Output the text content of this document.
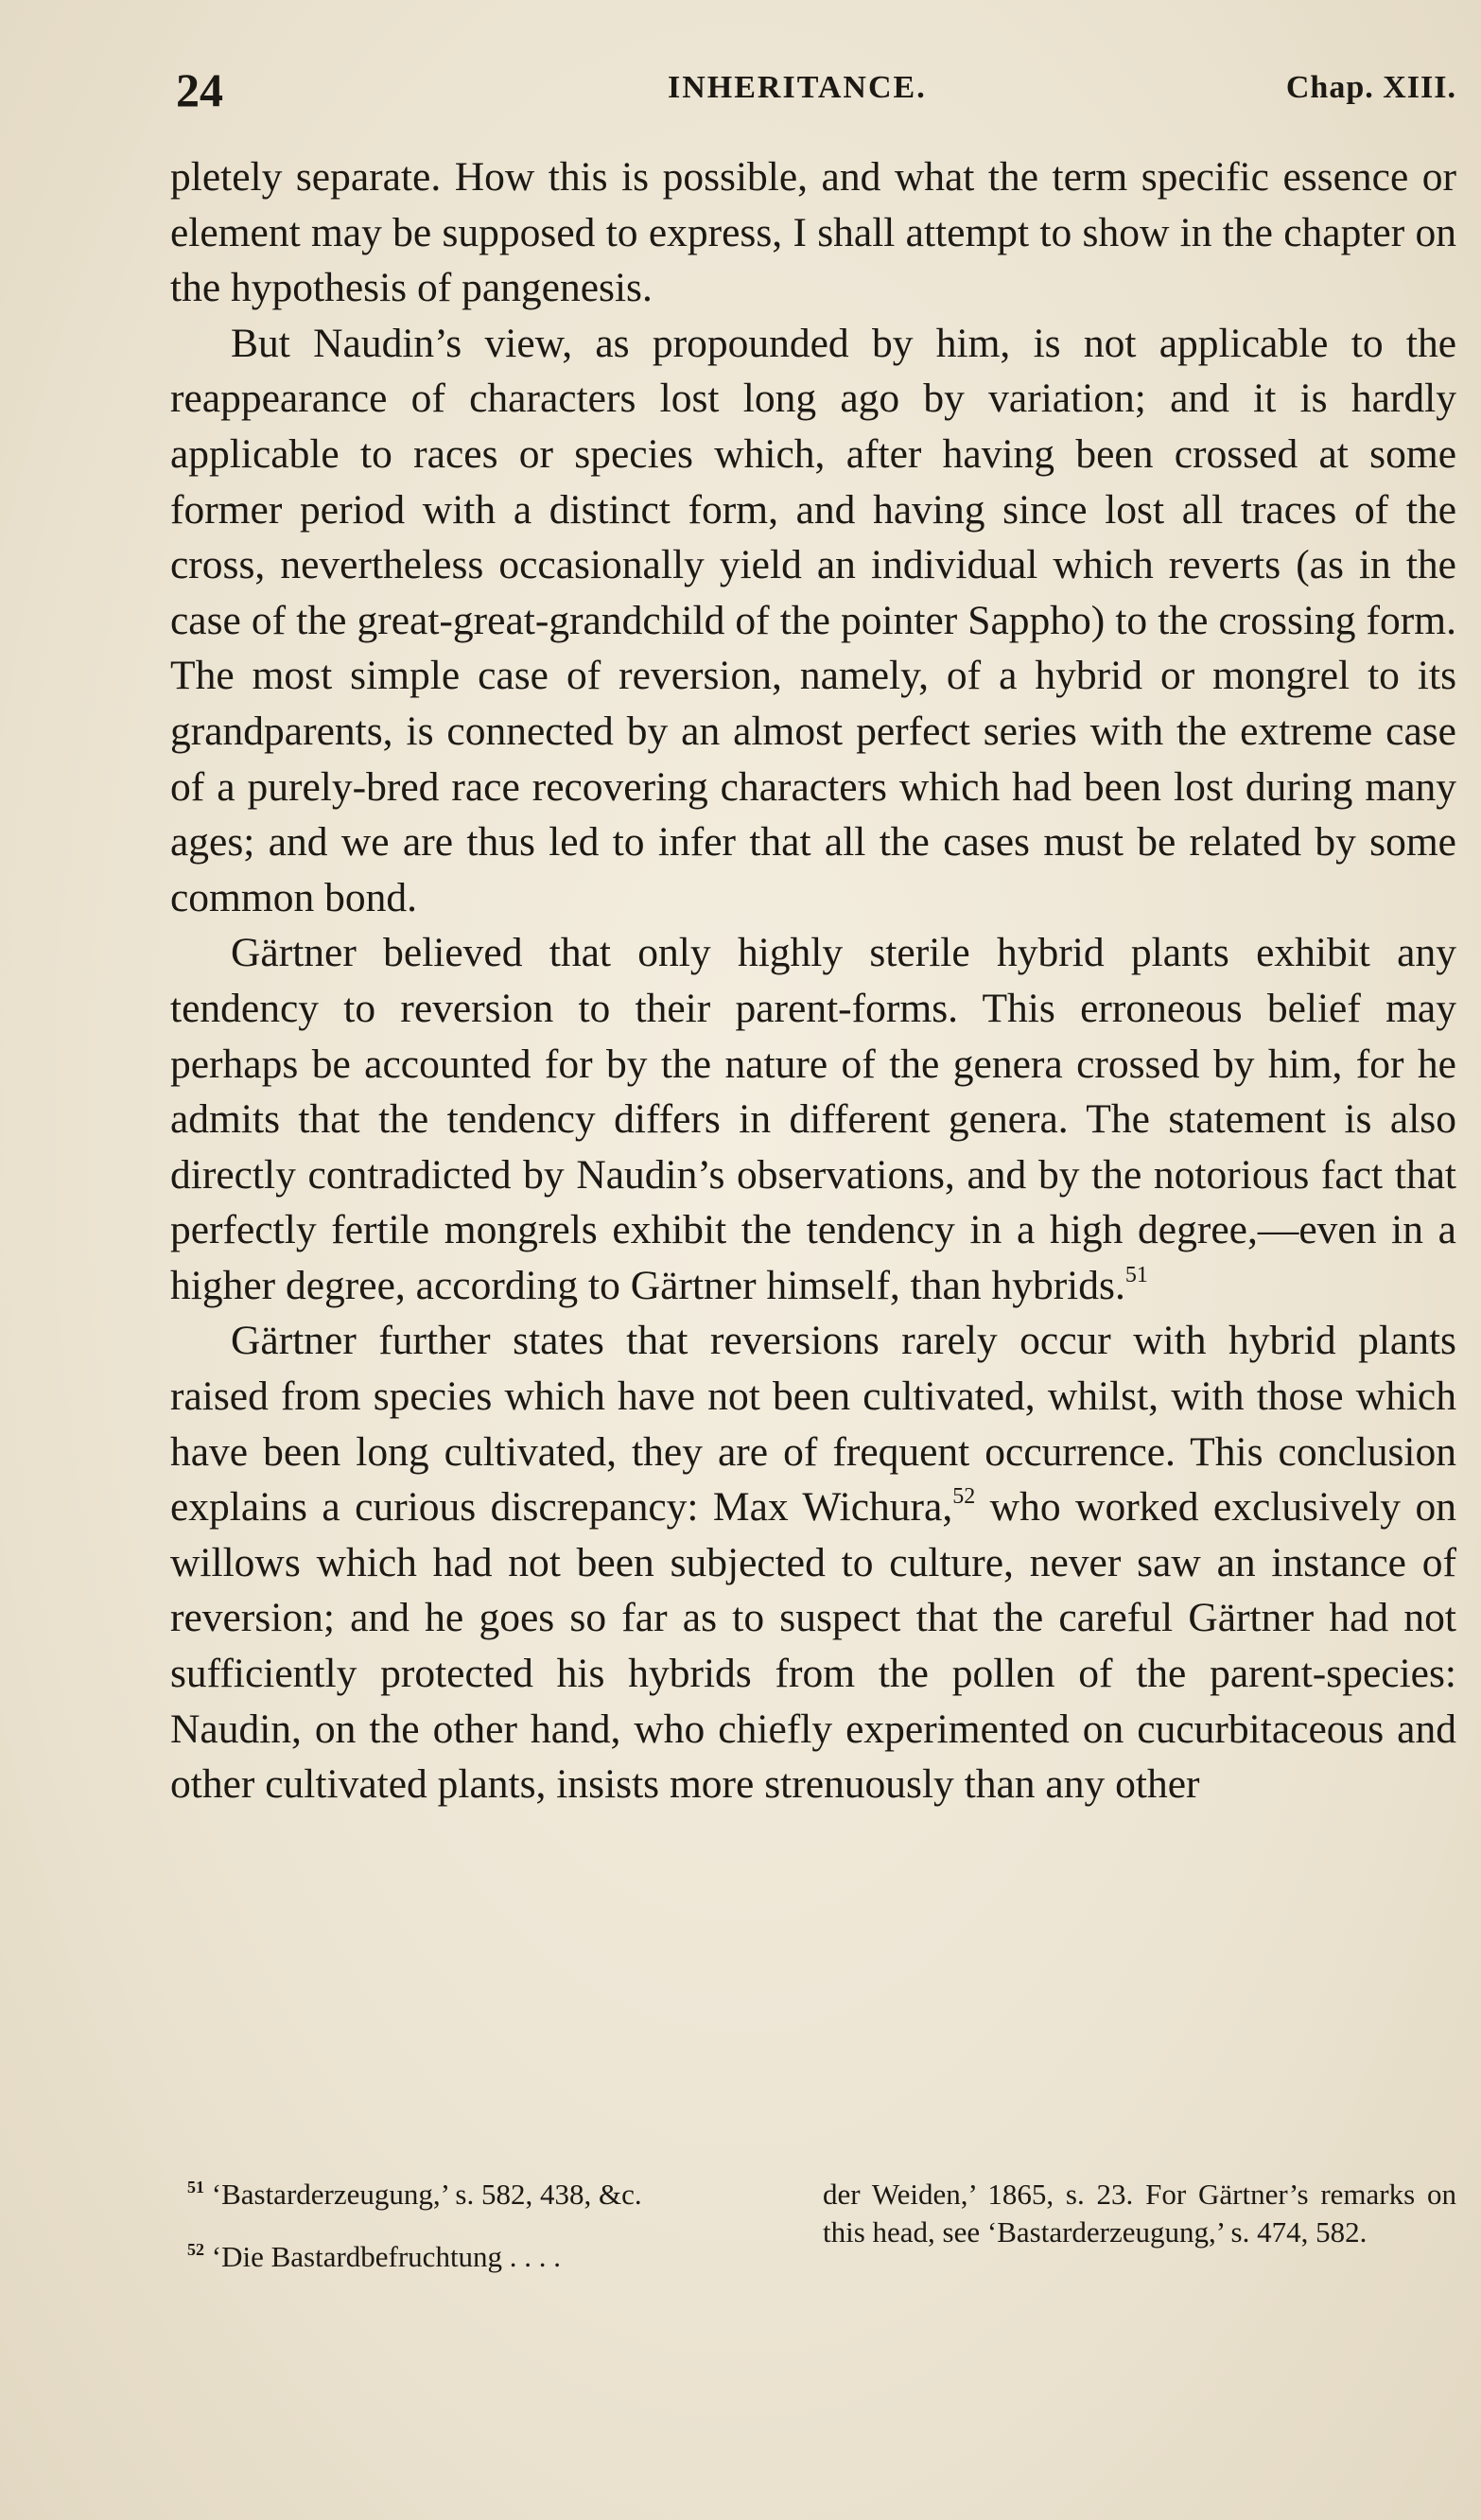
24	INHERITANCE.	Chap. XIII.

pletely separate. How this is possible, and what the term specific essence or element may be supposed to express, I shall attempt to show in the chapter on the hypothesis of pangenesis.

But Naudin’s view, as propounded by him, is not applicable to the reappearance of characters lost long ago by variation; and it is hardly applicable to races or species which, after having been crossed at some former period with a distinct form, and having since lost all traces of the cross, nevertheless occasionally yield an individual which reverts (as in the case of the great-great-grandchild of the pointer Sappho) to the crossing form. The most simple case of reversion, namely, of a hybrid or mongrel to its grandparents, is connected by an almost perfect series with the extreme case of a purely-bred race recovering characters which had been lost during many ages; and we are thus led to infer that all the cases must be related by some common bond.

Gärtner believed that only highly sterile hybrid plants exhibit any tendency to reversion to their parent-forms. This erroneous belief may perhaps be accounted for by the nature of the genera crossed by him, for he admits that the tendency differs in different genera. The statement is also directly contradicted by Naudin’s observations, and by the notorious fact that perfectly fertile mongrels exhibit the tendency in a high degree,—even in a higher degree, according to Gärtner himself, than hybrids.$^{51}$

Gärtner further states that reversions rarely occur with hybrid plants raised from species which have not been cultivated, whilst, with those which have been long cultivated, they are of frequent occurrence. This conclusion explains a curious discrepancy: Max Wichura,$^{52}$ who worked exclusively on willows which had not been subjected to culture, never saw an instance of reversion; and he goes so far as to suspect that the careful Gärtner had not sufficiently protected his hybrids from the pollen of the parent-species: Naudin, on the other hand, who chiefly experimented on cucurbitaceous and other cultivated plants, insists more strenuously than any other

$^{51}$ ‘Bastarderzeugung,’ s. 582, 438, &c.

$^{52}$ ‘Die Bastardbefruchtung . . . .

der Weiden,’ 1865, s. 23. For Gärtner’s remarks on this head, see ‘Bastarderzeugung,’ s. 474, 582.
